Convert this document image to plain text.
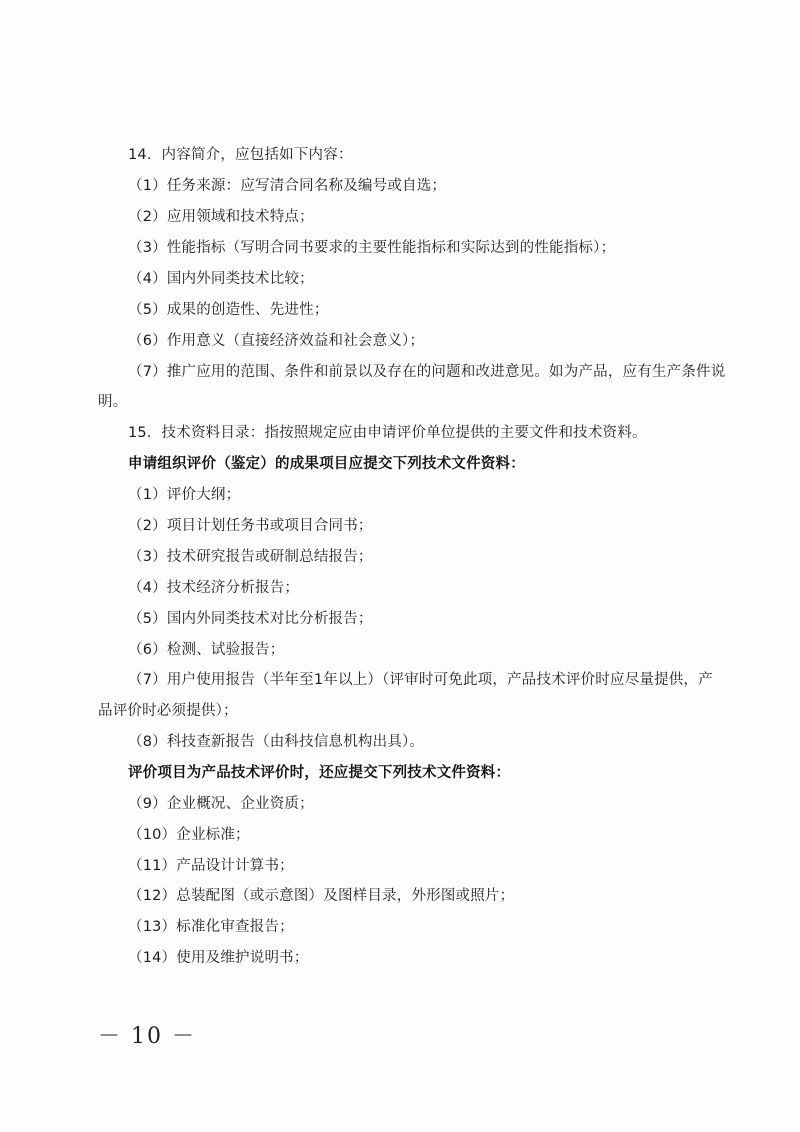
14．内容简介，应包括如下内容：
（1）任务来源：应写清合同名称及编号或自选；
（2）应用领域和技术特点；
（3）性能指标（写明合同书要求的主要性能指标和实际达到的性能指标）；
（4）国内外同类技术比较；
（5）成果的创造性、先进性；
（6）作用意义（直接经济效益和社会意义）；
（7）推广应用的范围、条件和前景以及存在的问题和改进意见。如为产品，应有生产条件说
明。
15．技术资料目录：指按照规定应由申请评价单位提供的主要文件和技术资料。
申请组织评价（鉴定）的成果项目应提交下列技术文件资料：
（1）评价大纲；
（2）项目计划任务书或项目合同书；
（3）技术研究报告或研制总结报告；
（4）技术经济分析报告；
（5）国内外同类技术对比分析报告；
（6）检测、试验报告；
（7）用户使用报告（半年至1年以上）（评审时可免此项，产品技术评价时应尽量提供，产
品评价时必须提供）；
（8）科技查新报告（由科技信息机构出具）。
评价项目为产品技术评价时，还应提交下列技术文件资料：
（9）企业概况、企业资质；
（10）企业标准；
（11）产品设计计算书；
（12）总装配图（或示意图）及图样目录，外形图或照片；
（13）标准化审查报告；
（14）使用及维护说明书；
－ 10 －
